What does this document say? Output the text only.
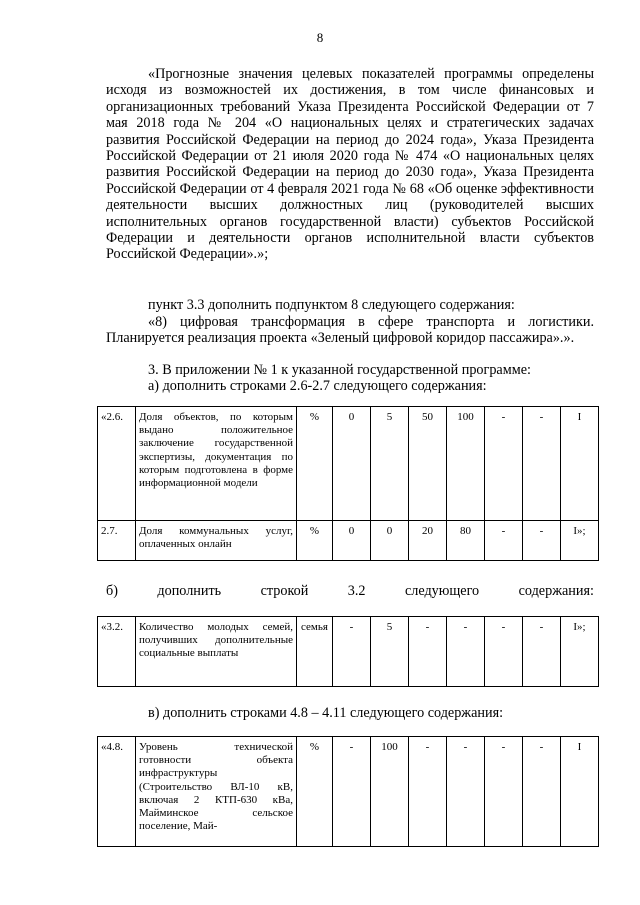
8
«Прогнозные значения целевых показателей программы определены исходя из возможностей их достижения, в том числе финансовых и организационных требований Указа Президента Российской Федерации от 7 мая 2018 года № 204 «О национальных целях и стратегических задачах развития Российской Федерации на период до 2024 года», Указа Президента Российской Федерации от 21 июля 2020 года № 474 «О национальных целях развития Российской Федерации на период до 2030 года», Указа Президента Российской Федерации от 4 февраля 2021 года № 68 «Об оценке эффективности деятельности высших должностных лиц (руководителей высших исполнительных органов государственной власти) субъектов Российской Федерации и деятельности органов исполнительной власти субъектов Российской Федерации».»;
пункт 3.3 дополнить подпунктом 8 следующего содержания:
«8) цифровая трансформация в сфере транспорта и логистики. Планируется реализация проекта «Зеленый цифровой коридор пассажира».».
3. В приложении № 1 к указанной государственной программе:
а) дополнить строками 2.6-2.7 следующего содержания:
«2.6.	Доля объектов, по которым выдано положительное заключение государственной экспертизы, документация по которым подготовлена в форме информационной модели	%	0	5	50	100	-	-	I
2.7.	Доля коммунальных услуг, оплаченных онлайн	%	0	0	20	80	-	-	I»;
б)	дополнить	строкой	3.2	следующего	содержания:
«3.2.	Количество молодых семей, получивших дополнительные социальные выплаты	семья	-	5	-	-	-	-	I»;
в) дополнить строками 4.8 – 4.11 следующего содержания:
«4.8.	Уровень технической готовности объекта инфраструктуры (Строительство ВЛ-10 кВ, включая 2 КТП-630 кВа, Майминское сельское поселение, Май-	%	-	100	-	-	-	-	I
